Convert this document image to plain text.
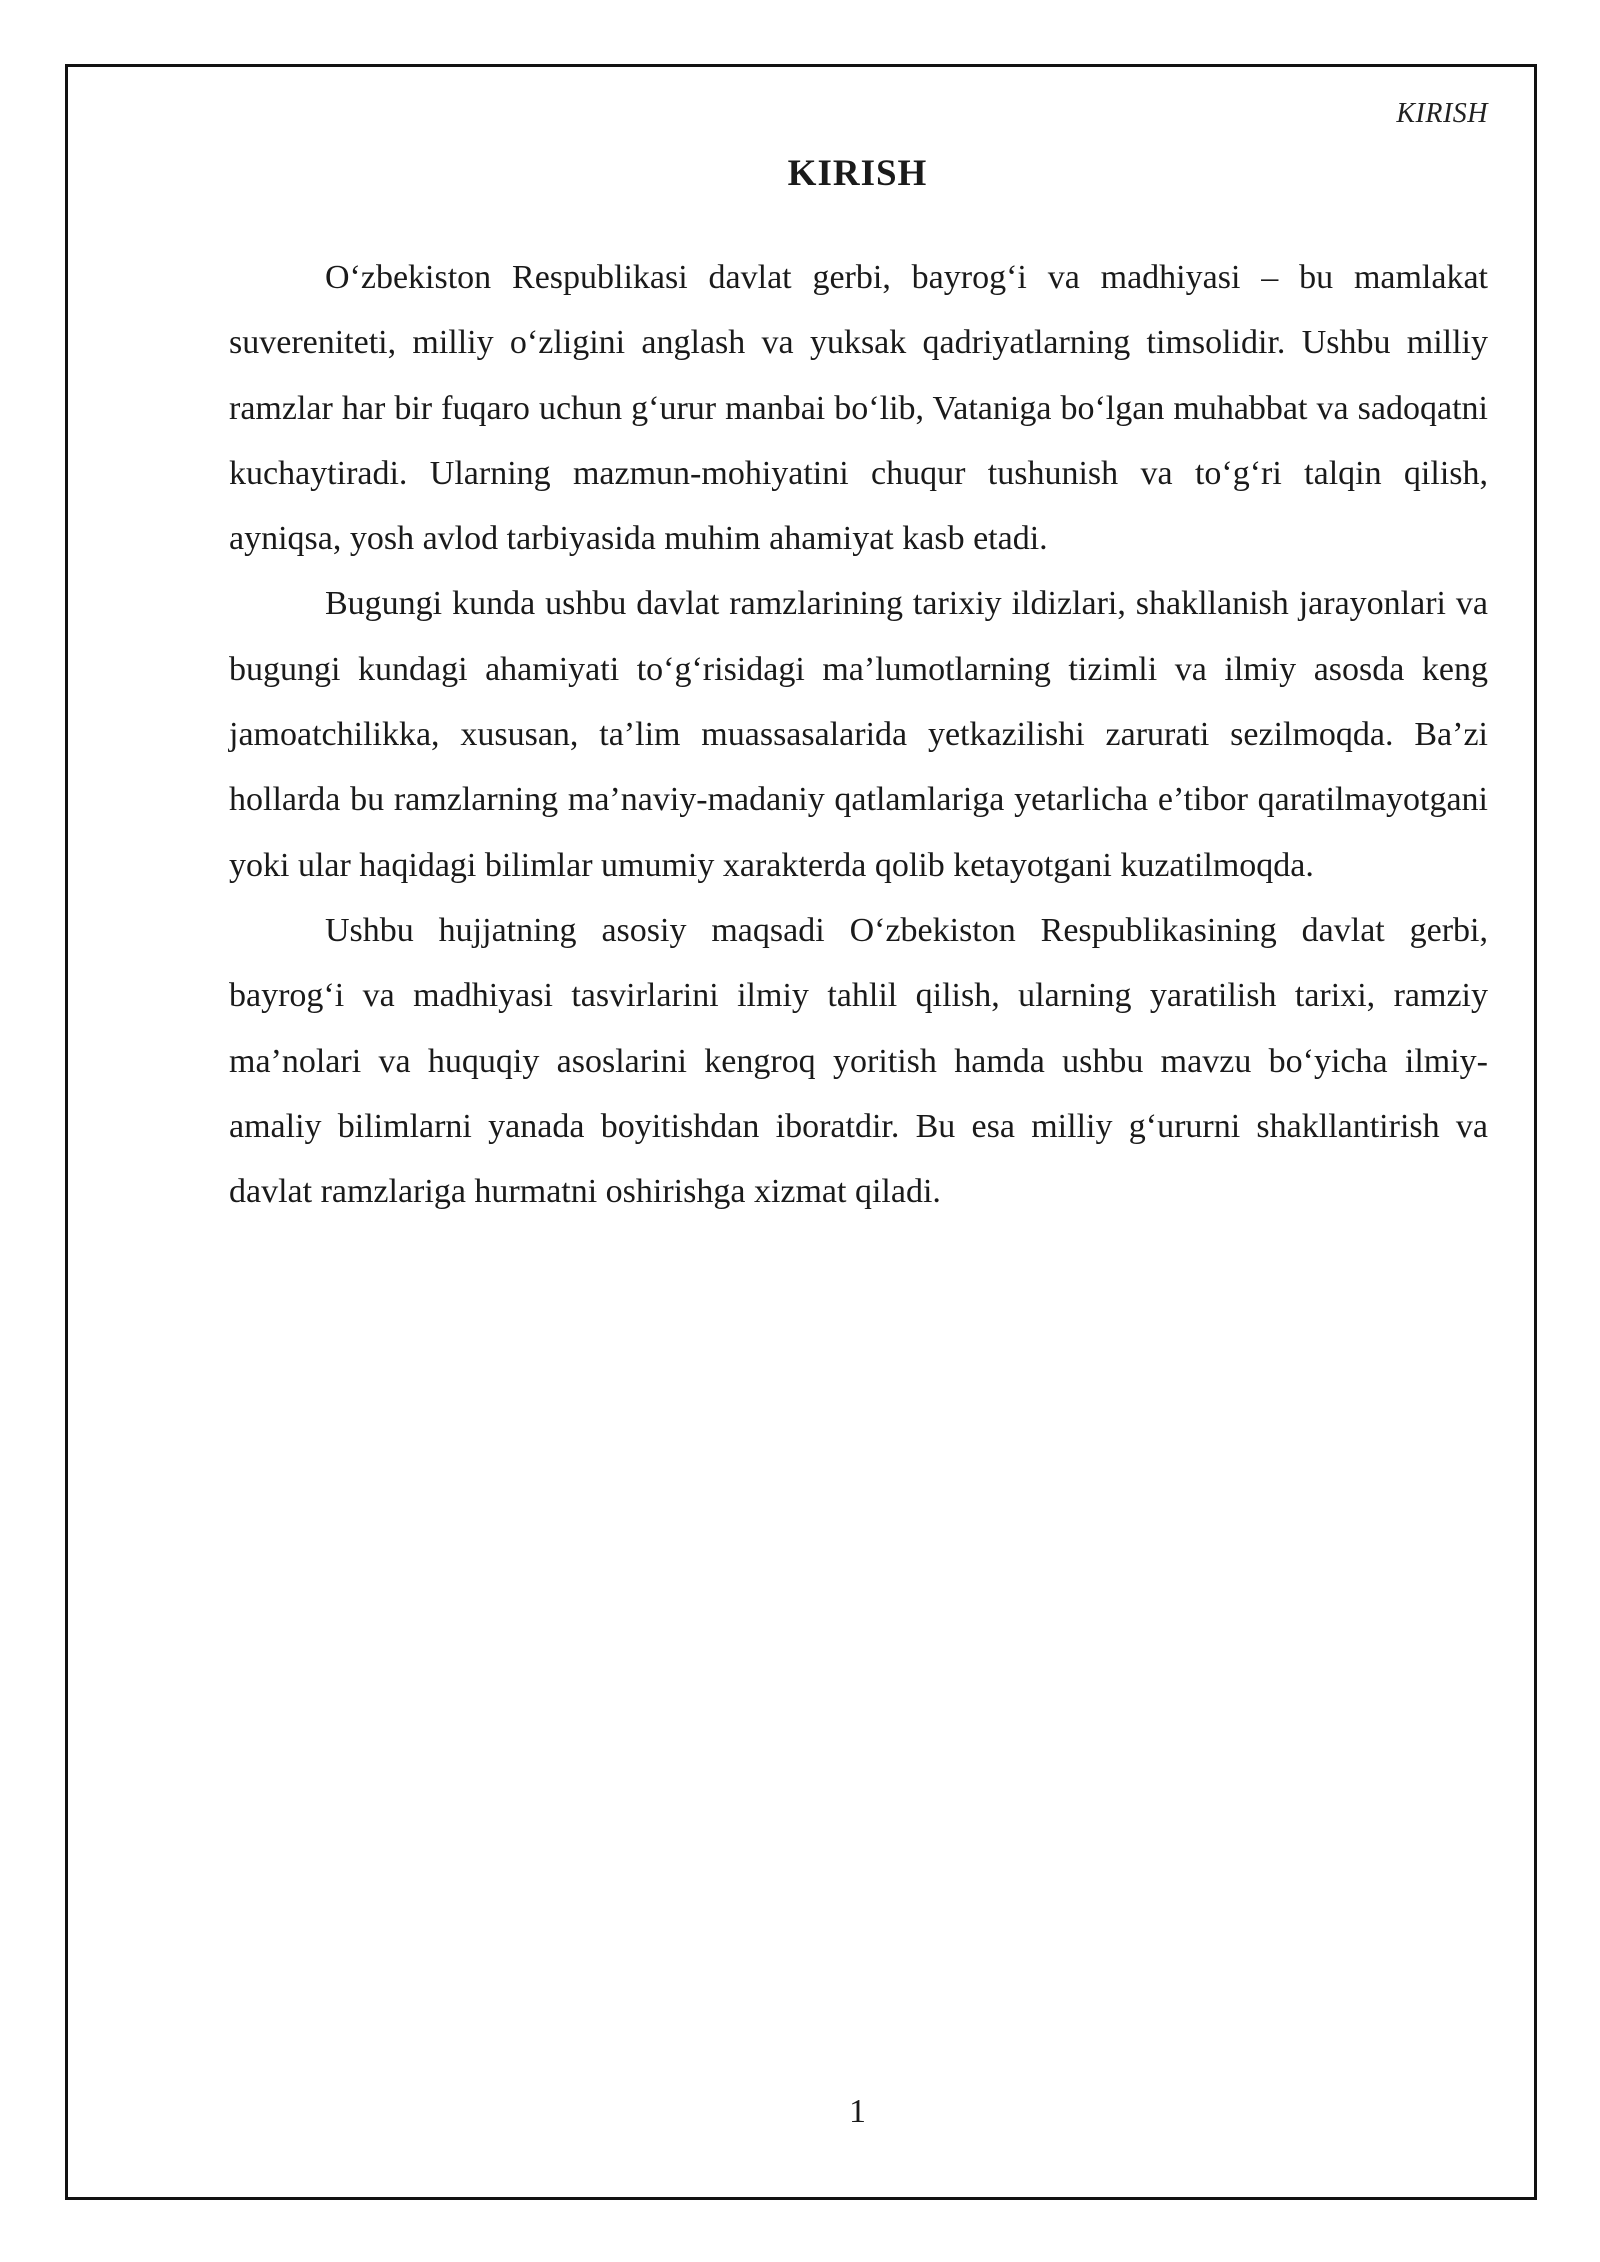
KIRISH
KIRISH

O‘zbekiston Respublikasi davlat gerbi, bayrog‘i va madhiyasi – bu mamlakat suvereniteti, milliy o‘zligini anglash va yuksak qadriyatlarning timsolidir. Ushbu milliy ramzlar har bir fuqaro uchun g‘urur manbai bo‘lib, Vataniga bo‘lgan muhabbat va sadoqatni kuchaytiradi. Ularning mazmun-mohiyatini chuqur tushunish va to‘g‘ri talqin qilish, ayniqsa, yosh avlod tarbiyasida muhim ahamiyat kasb etadi.

Bugungi kunda ushbu davlat ramzlarining tarixiy ildizlari, shakllanish jarayonlari va bugungi kundagi ahamiyati to‘g‘risidagi ma’lumotlarning tizimli va ilmiy asosda keng jamoatchilikka, xususan, ta’lim muassasalarida yetkazilishi zarurati sezilmoqda. Ba’zi hollarda bu ramzlarning ma’naviy-madaniy qatlamlariga yetarlicha e’tibor qaratilmayotgani yoki ular haqidagi bilimlar umumiy xarakterda qolib ketayotgani kuzatilmoqda.

Ushbu hujjatning asosiy maqsadi O‘zbekiston Respublikasining davlat gerbi, bayrog‘i va madhiyasi tasvirlarini ilmiy tahlil qilish, ularning yaratilish tarixi, ramziy ma’nolari va huquqiy asoslarini kengroq yoritish hamda ushbu mavzu bo‘yicha ilmiy-amaliy bilimlarni yanada boyitishdan iboratdir. Bu esa milliy g‘ururni shakllantirish va davlat ramzlariga hurmatni oshirishga xizmat qiladi.

1
